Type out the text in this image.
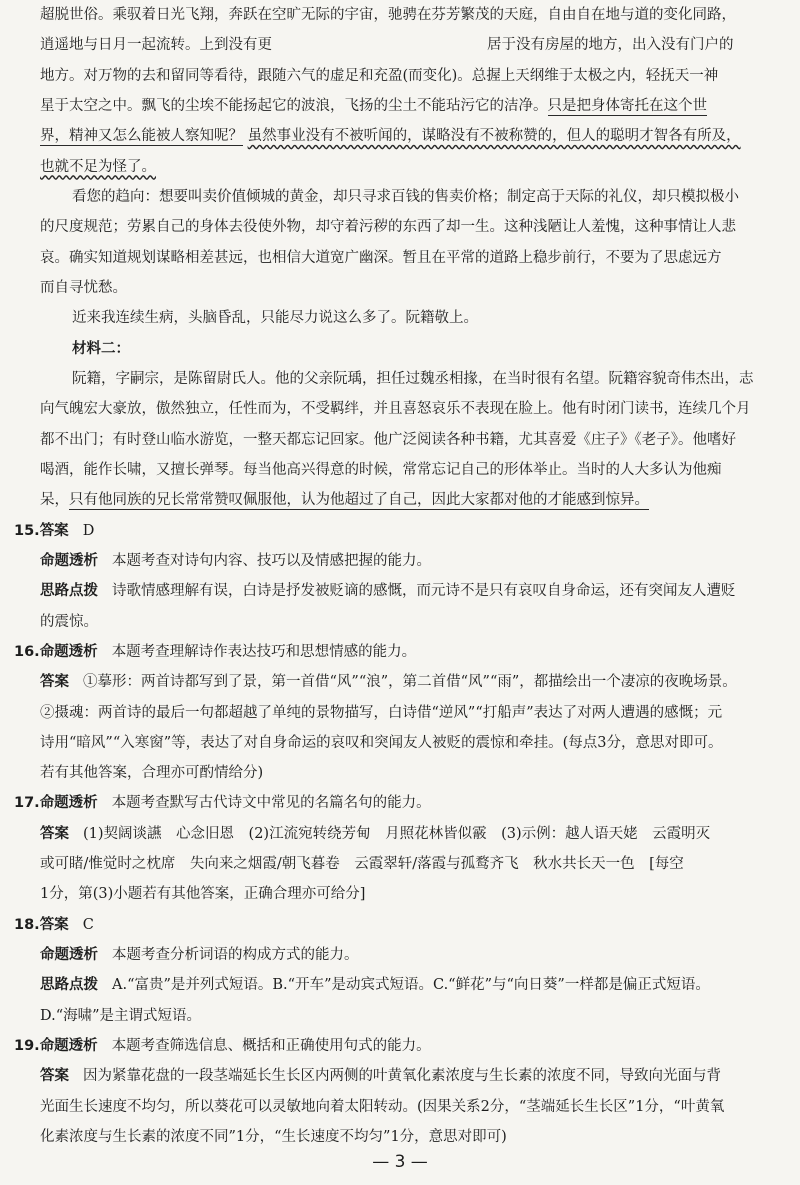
超脱世俗。乘驭着日光飞翔，奔跃在空旷无际的宇宙，驰骋在芬芳繁茂的天庭，自由自在地与道的变化同路，
逍遥地与日月一起流转。上到没有更	居于没有房屋的地方，出入没有门户的
地方。对万物的去和留同等看待，跟随六气的虚足和充盈(而变化)。总握上天纲维于太极之内，轻抚天一神
星于太空之中。飘飞的尘埃不能扬起它的波浪，飞扬的尘土不能玷污它的洁净。只是把身体寄托在这个世
界，精神又怎么能被人察知呢？ 虽然事业没有不被听闻的，谋略没有不被称赞的，但人的聪明才智各有所及，
也就不足为怪了。
看您的趋向：想要叫卖价值倾城的黄金，却只寻求百钱的售卖价格；制定高于天际的礼仪，却只模拟极小
的尺度规范；劳累自己的身体去役使外物，却守着污秽的东西了却一生。这种浅陋让人羞愧，这种事情让人悲
哀。确实知道规划谋略相差甚远，也相信大道宽广幽深。暂且在平常的道路上稳步前行，不要为了思虑远方
而自寻忧愁。
近来我连续生病，头脑昏乱，只能尽力说这么多了。阮籍敬上。
材料二：
阮籍，字嗣宗，是陈留尉氏人。他的父亲阮瑀，担任过魏丞相掾，在当时很有名望。阮籍容貌奇伟杰出，志
向气魄宏大豪放，傲然独立，任性而为，不受羁绊，并且喜怒哀乐不表现在脸上。他有时闭门读书，连续几个月
都不出门；有时登山临水游览，一整天都忘记回家。他广泛阅读各种书籍，尤其喜爱《庄子》《老子》。他嗜好
喝酒，能作长啸，又擅长弹琴。每当他高兴得意的时候，常常忘记自己的形体举止。当时的人大多认为他痴
呆，只有他同族的兄长常常赞叹佩服他，认为他超过了自己，因此大家都对他的才能感到惊异。
15.答案 D
命题透析 本题考查对诗句内容、技巧以及情感把握的能力。
思路点拨 诗歌情感理解有误，白诗是抒发被贬谪的感慨，而元诗不是只有哀叹自身命运，还有突闻友人遭贬
的震惊。
16.命题透析 本题考查理解诗作表达技巧和思想情感的能力。
答案 ①摹形：两首诗都写到了景，第一首借“风”“浪”，第二首借“风”“雨”，都描绘出一个凄凉的夜晚场景。
②摄魂：两首诗的最后一句都超越了单纯的景物描写，白诗借“逆风”“打船声”表达了对两人遭遇的感慨；元
诗用“暗风”“入寒窗”等，表达了对自身命运的哀叹和突闻友人被贬的震惊和牵挂。(每点3分，意思对即可。
若有其他答案，合理亦可酌情给分)
17.命题透析 本题考查默写古代诗文中常见的名篇名句的能力。
答案 (1)契阔谈讌　心念旧恩　(2)江流宛转绕芳甸　月照花林皆似霰　(3)示例：越人语天姥　云霞明灭
或可睹/惟觉时之枕席　失向来之烟霞/朝飞暮卷　云霞翠轩/落霞与孤鹜齐飞　秋水共长天一色　[每空
1分，第(3)小题若有其他答案，正确合理亦可给分]
18.答案 C
命题透析 本题考查分析词语的构成方式的能力。
思路点拨 A.“富贵”是并列式短语。B.“开车”是动宾式短语。C.“鲜花”与“向日葵”一样都是偏正式短语。
D.“海啸”是主谓式短语。
19.命题透析 本题考查筛选信息、概括和正确使用句式的能力。
答案 因为紧靠花盘的一段茎端延长生长区内两侧的叶黄氧化素浓度与生长素的浓度不同，导致向光面与背
光面生长速度不均匀，所以葵花可以灵敏地向着太阳转动。(因果关系2分，“茎端延长生长区”1分，“叶黄氧
化素浓度与生长素的浓度不同”1分，“生长速度不均匀”1分，意思对即可)
— 3 —
